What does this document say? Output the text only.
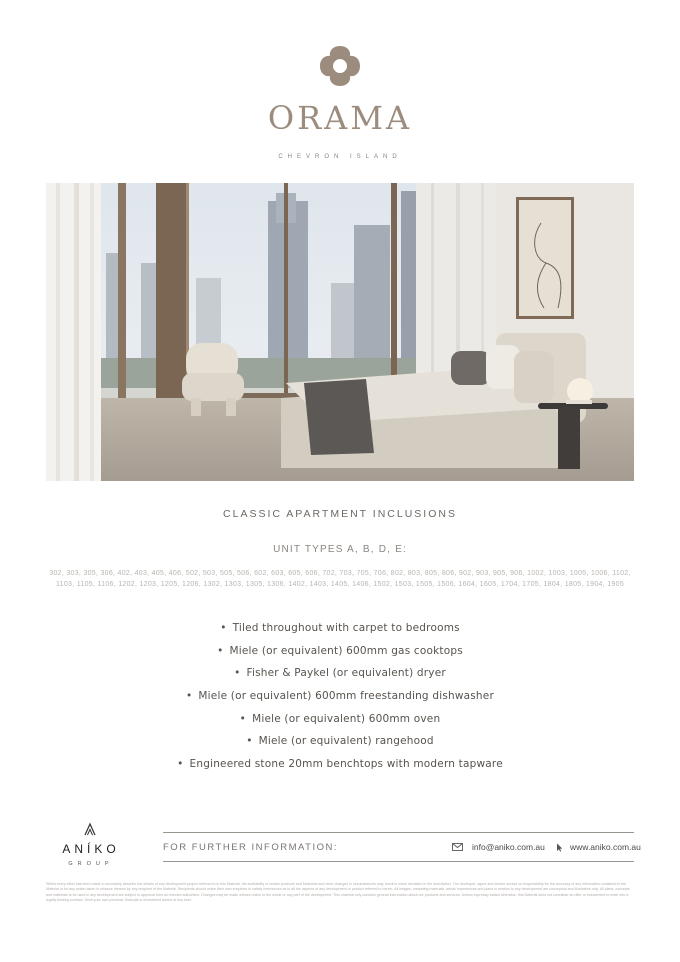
ORAMA
CHEVRON ISLAND
CLASSIC APARTMENT INCLUSIONS
UNIT TYPES A, B, D, E:
302, 303, 305, 306, 402, 403, 405, 406, 502, 503, 505, 506, 602, 603, 605, 606, 702, 703, 705, 706, 802, 803, 805, 806, 902, 903, 905, 906, 1002, 1003, 1005, 1006, 1102, 1103, 1105, 1106, 1202, 1203, 1205, 1206, 1302, 1303, 1305, 1306, 1402, 1403, 1405, 1406, 1502, 1503, 1505, 1506, 1604, 1605, 1704, 1705, 1804, 1805, 1904, 1905
• Tiled throughout with carpet to bedrooms
• Miele (or equivalent) 600mm gas cooktops
• Fisher & Paykel (or equivalent) dryer
• Miele (or equivalent) 600mm freestanding dishwasher
• Miele (or equivalent) 600mm oven
• Miele (or equivalent) rangehood
• Engineered stone 20mm benchtops with modern tapware
ANÍKO
GROUP
FOR FURTHER INFORMATION:	info@aniko.com.au	www.aniko.com.au
Whilst every effort has been made to accurately describe the details of any development project referred to in this Material, the availability of certain products and Materials and other changes in circumstances may result in some deviation in the description. The developer, agent and vendor accept no responsibility for the accuracy of any information contained in the Material or for any action taken in reliance thereon by any recipient of the Material. Recipients should make their own enquiries to satisfy themselves as to all the aspects of any development or product referred to herein. All images, marketing materials, artists' impressions and plans in relation to any development are conceptual and illustrative only. All plans, concepts and materials to be used in any development are subject to approval from all relevant authorities. Changes may be made without notice to the whole or any part of the development. This material only contains general information about our products and services. Unless expressly stated otherwise, this Material does not constitute an offer or inducement to enter into a legally binding contract. Seek your own personal, financial or investment advice of any kind.
